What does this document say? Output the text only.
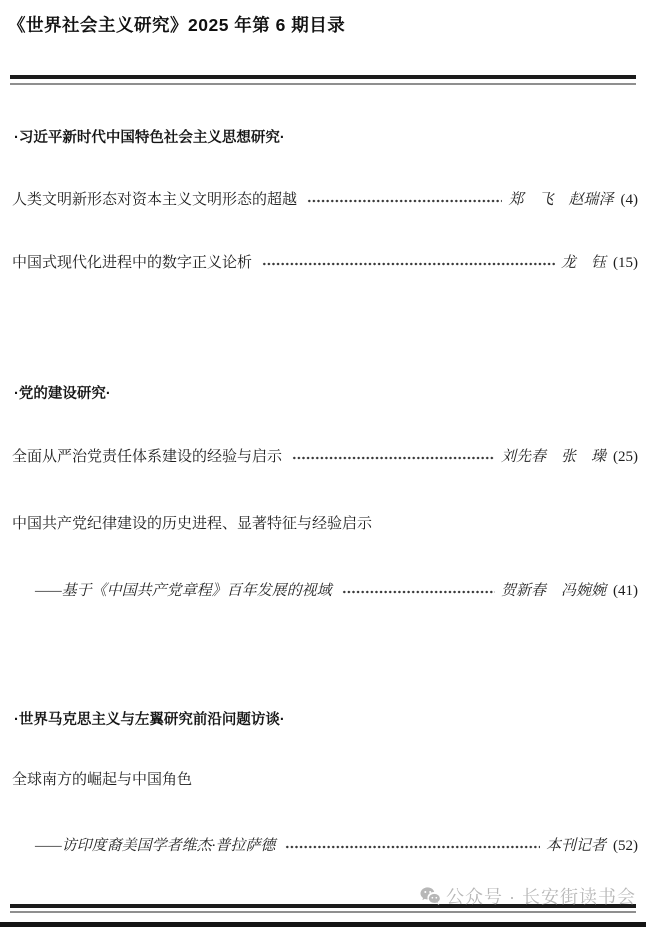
《世界社会主义研究》2025 年第 6 期目录
·习近平新时代中国特色社会主义思想研究·
人类文明新形态对资本主义文明形态的超越	郑　飞　赵瑞泽 (4)
中国式现代化进程中的数字正义论析	龙　钰 (15)
·党的建设研究·
全面从严治党责任体系建设的经验与启示	刘先春　张　璪 (25)
中国共产党纪律建设的历史进程、显著特征与经验启示
——基于《中国共产党章程》百年发展的视域	贺新春　冯婉婉 (41)
·世界马克思主义与左翼研究前沿问题访谈·
全球南方的崛起与中国角色
——访印度裔美国学者维杰·普拉萨德	本刊记者 (52)
公众号 · 长安街读书会
